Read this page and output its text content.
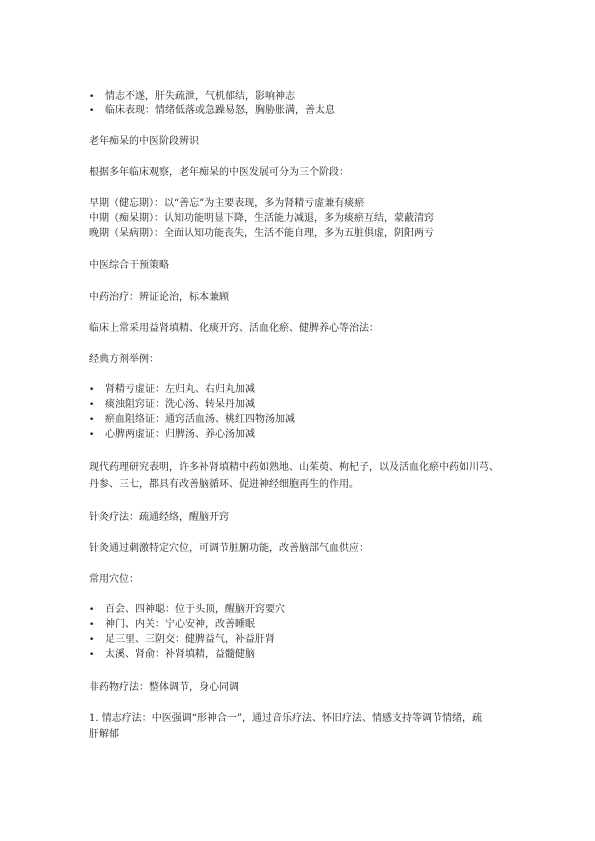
• 情志不遂，肝失疏泄，气机郁结，影响神志
• 临床表现：情绪低落或急躁易怒，胸胁胀满，善太息
老年痴呆的中医阶段辨识
根据多年临床观察，老年痴呆的中医发展可分为三个阶段：
早期（健忘期）：以“善忘”为主要表现，多为肾精亏虚兼有痰瘀
中期（痴呆期）：认知功能明显下降，生活能力减退，多为痰瘀互结，蒙蔽清窍
晚期（呆病期）：全面认知功能丧失，生活不能自理，多为五脏俱虚，阴阳两亏
中医综合干预策略
中药治疗：辨证论治，标本兼顾
临床上常采用益肾填精、化痰开窍、活血化瘀、健脾养心等治法：
经典方剂举例：
• 肾精亏虚证：左归丸、右归丸加减
• 痰浊阻窍证：洗心汤、转呆丹加减
• 瘀血阻络证：通窍活血汤、桃红四物汤加减
• 心脾两虚证：归脾汤、养心汤加减
现代药理研究表明，许多补肾填精中药如熟地、山茱萸、枸杞子，以及活血化瘀中药如川芎、
丹参、三七，都具有改善脑循环、促进神经细胞再生的作用。
针灸疗法：疏通经络，醒脑开窍
针灸通过刺激特定穴位，可调节脏腑功能，改善脑部气血供应：
常用穴位：
• 百会、四神聪：位于头顶，醒脑开窍要穴
• 神门、内关：宁心安神，改善睡眠
• 足三里、三阴交：健脾益气，补益肝肾
• 太溪、肾俞：补肾填精，益髓健脑
非药物疗法：整体调节，身心同调
1. 情志疗法：中医强调“形神合一”，通过音乐疗法、怀旧疗法、情感支持等调节情绪，疏
肝解郁
